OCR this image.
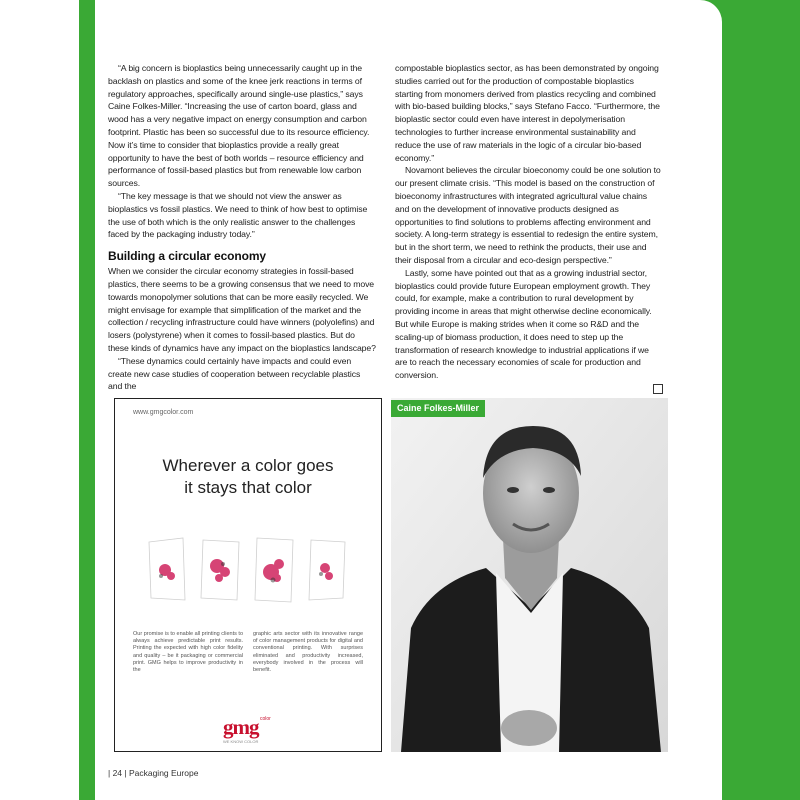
“A big concern is bioplastics being unnecessarily caught up in the backlash on plastics and some of the knee jerk reactions in terms of regulatory approaches, specifically around single-use plastics,” says Caine Folkes-Miller. “Increasing the use of carton board, glass and wood has a very negative impact on energy consumption and carbon footprint. Plastic has been so successful due to its resource efficiency. Now it’s time to consider that bioplastics provide a really great opportunity to have the best of both worlds – resource efficiency and performance of fossil-based plastics but from renewable low carbon sources.

“The key message is that we should not view the answer as bioplastics vs fossil plastics. We need to think of how best to optimise the use of both which is the only realistic answer to the challenges faced by the packaging industry today.”

Building a circular economy

When we consider the circular economy strategies in fossil-based plastics, there seems to be a growing consensus that we need to move towards monopolymer solutions that can be more easily recycled. We might envisage for example that simplification of the market and the collection / recycling infrastructure could have winners (polyolefins) and losers (polystyrene) when it comes to fossil-based plastics. But do these kinds of dynamics have any impact on the bioplastics landscape?

“These dynamics could certainly have impacts and could even create new case studies of cooperation between recyclable plastics and the

compostable bioplastics sector, as has been demonstrated by ongoing studies carried out for the production of compostable bioplastics starting from monomers derived from plastics recycling and combined with bio-based building blocks,” says Stefano Facco. “Furthermore, the bioplastic sector could even have interest in depolymerisation technologies to further increase environmental sustainability and reduce the use of raw materials in the logic of a circular bio-based economy.”

Novamont believes the circular bioeconomy could be one solution to our present climate crisis. “This model is based on the construction of bioeconomy infrastructures with integrated agricultural value chains and on the development of innovative products designed as opportunities to find solutions to problems affecting environment and society. A long-term strategy is essential to redesign the entire system, but in the short term, we need to rethink the products, their use and their disposal from a circular and eco-design perspective.”

Lastly, some have pointed out that as a growing industrial sector, bioplastics could provide future European employment growth. They could, for example, make a contribution to rural development by providing income in areas that might otherwise decline economically. But while Europe is making strides when it come so R&D and the scaling-up of biomass production, it does need to step up the transformation of research knowledge to industrial applications if we are to reach the necessary economies of scale for production and conversion.

www.gmgcolor.com
Wherever a color goes
it stays that color
Our promise is to enable all printing clients to always achieve predictable print results. Printing the expected with high color fidelity and quality – be it packaging or commercial print. GMG helps to improve productivity in the
graphic arts sector with its innovative range of color management products for digital and conventional printing. With surprises eliminated and productivity increased, everybody involved in the process will benefit.
gmg color
WE KNOW COLOR
Caine Folkes-Miller
| 24 | Packaging Europe
